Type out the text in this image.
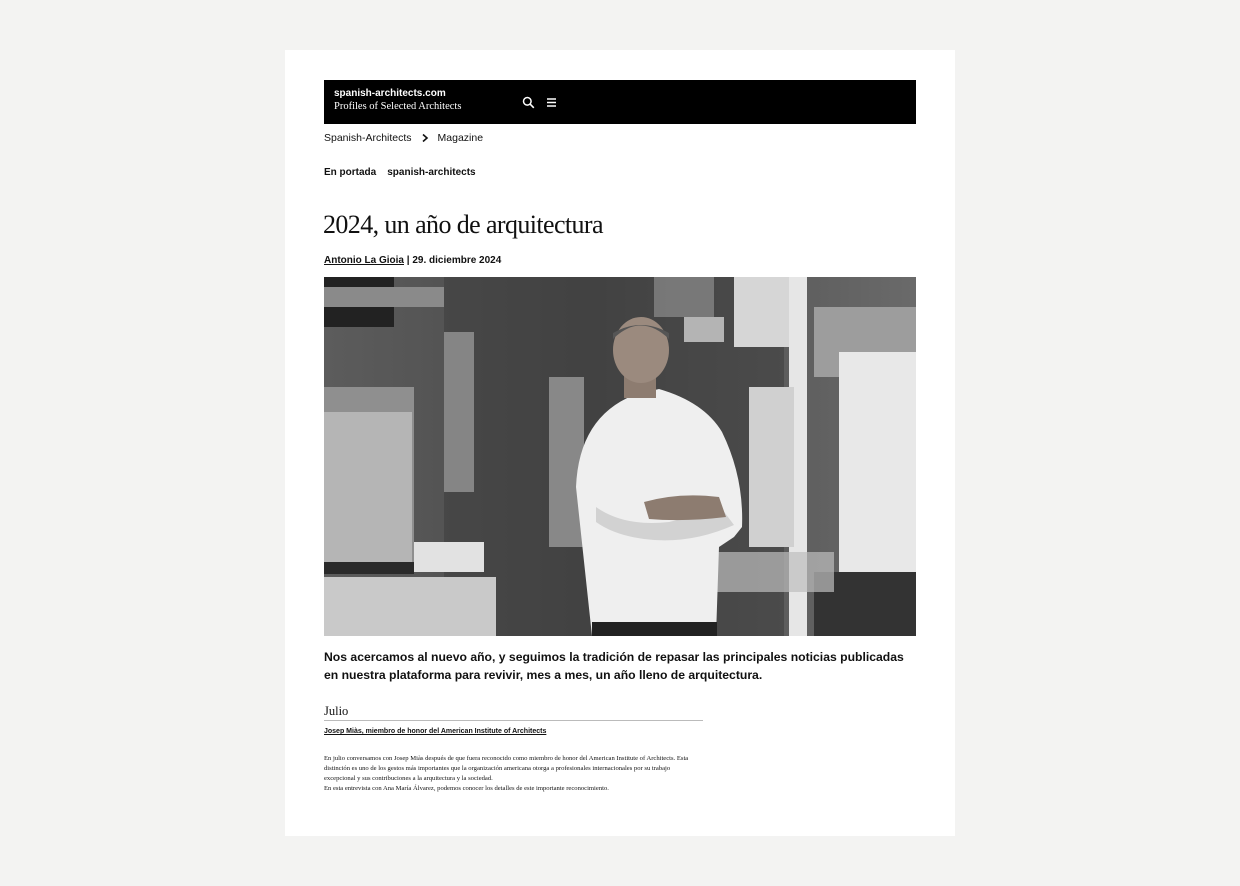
spanish-architects.com
Profiles of Selected Architects
Spanish-Architects Magazine
En portada spanish-architects
2024, un año de arquitectura
Antonio La Gioia | 29. diciembre 2024

Nos acercamos al nuevo año, y seguimos la tradición de repasar las principales noticias publicadas en nuestra plataforma para revivir, mes a mes, un año lleno de arquitectura.

Julio
Josep Miàs, miembro de honor del American Institute of Architects

En julio conversamos con Josep Miàs después de que fuera reconocido como miembro de honor del American Institute of Architects. Esta distinción es uno de los gestos más importantes que la organización americana otorga a profesionales internacionales por su trabajo excepcional y sus contribuciones a la arquitectura y la sociedad.

En esta entrevista con Ana María Álvarez, podemos conocer los detalles de este importante reconocimiento.
